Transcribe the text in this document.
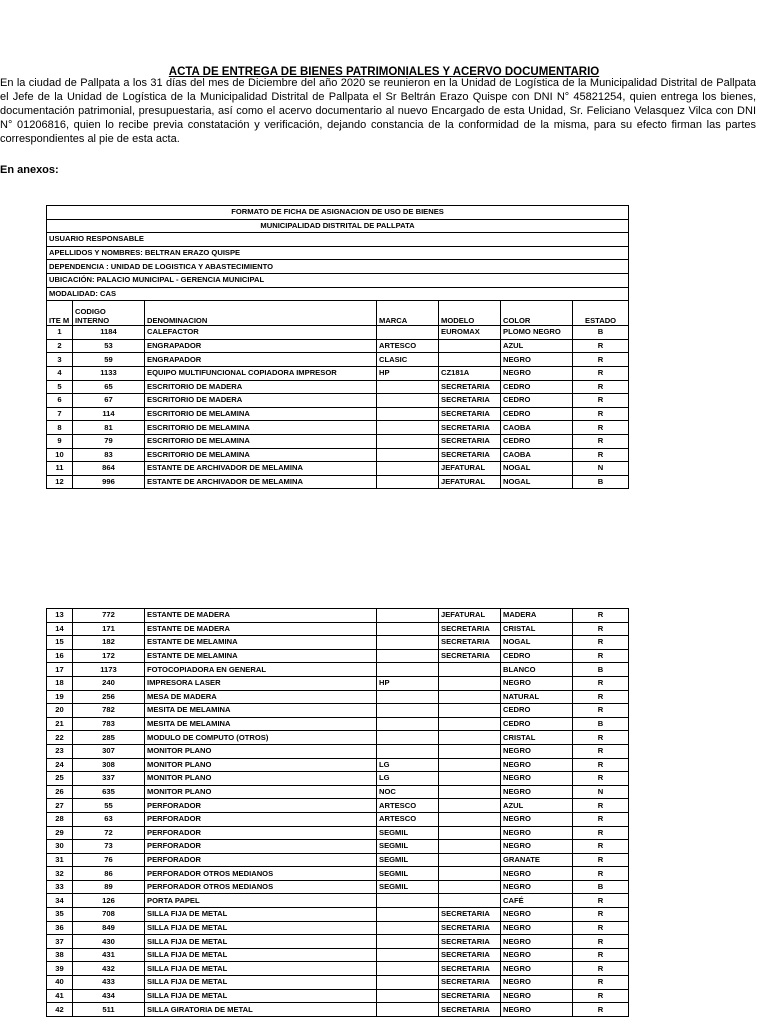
ACTA DE ENTREGA DE BIENES PATRIMONIALES Y ACERVO DOCUMENTARIO
En la ciudad de Pallpata a los 31 días del mes de Diciembre del año 2020 se reunieron en la Unidad de Logística de la Municipalidad Distrital de Pallpata el Jefe de la Unidad de Logística de la Municipalidad Distrital de Pallpata el Sr Beltrán Erazo Quispe con DNI N° 45821254, quien entrega los bienes, documentación patrimonial, presupuestaria, así como el acervo documentario al nuevo Encargado de esta Unidad, Sr. Feliciano Velasquez Vilca con DNI N° 01206816, quien lo recibe previa constatación y verificación, dejando constancia de la conformidad de la misma, para su efecto firman las partes correspondientes al pie de esta acta.
En anexos:
FORMATO DE FICHA DE ASIGNACION DE USO DE BIENES						
MUNICIPALIDAD DISTRITAL DE PALLPATA						
USUARIO RESPONSABLE						
APELLIDOS Y NOMBRES: BELTRAN ERAZO QUISPE						
DEPENDENCIA : UNIDAD DE LOGISTICA Y ABASTECIMIENTO						
UBICACIÓN: PALACIO MUNICIPAL - GERENCIA MUNICIPAL						
MODALIDAD: CAS						
ITE M	CODIGO INTERNO	DENOMINACION	MARCA	MODELO	COLOR	ESTADO
1	1184	CALEFACTOR		EUROMAX	PLOMO NEGRO	B
2	53	ENGRAPADOR	ARTESCO		AZUL	R
3	59	ENGRAPADOR	CLASIC		NEGRO	R
4	1133	EQUIPO MULTIFUNCIONAL COPIADORA IMPRESOR	HP	CZ181A	NEGRO	R
5	65	ESCRITORIO DE MADERA		SECRETARIA	CEDRO	R
6	67	ESCRITORIO DE MADERA		SECRETARIA	CEDRO	R
7	114	ESCRITORIO DE MELAMINA		SECRETARIA	CEDRO	R
8	81	ESCRITORIO DE MELAMINA		SECRETARIA	CAOBA	R
9	79	ESCRITORIO DE MELAMINA		SECRETARIA	CEDRO	R
10	83	ESCRITORIO DE MELAMINA		SECRETARIA	CAOBA	R
11	864	ESTANTE DE ARCHIVADOR DE MELAMINA		JEFATURAL	NOGAL	N
12	996	ESTANTE DE ARCHIVADOR DE MELAMINA		JEFATURAL	NOGAL	B
13	772	ESTANTE DE MADERA		JEFATURAL	MADERA	R
14	171	ESTANTE DE MADERA		SECRETARIA	CRISTAL	R
15	182	ESTANTE DE MELAMINA		SECRETARIA	NOGAL	R
16	172	ESTANTE DE MELAMINA		SECRETARIA	CEDRO	R
17	1173	FOTOCOPIADORA EN GENERAL			BLANCO	B
18	240	IMPRESORA LASER	HP		NEGRO	R
19	256	MESA DE MADERA			NATURAL	R
20	782	MESITA DE MELAMINA			CEDRO	R
21	783	MESITA DE MELAMINA			CEDRO	B
22	285	MODULO DE COMPUTO (OTROS)			CRISTAL	R
23	307	MONITOR PLANO			NEGRO	R
24	308	MONITOR PLANO	LG		NEGRO	R
25	337	MONITOR PLANO	LG		NEGRO	R
26	635	MONITOR PLANO	NOC		NEGRO	N
27	55	PERFORADOR	ARTESCO		AZUL	R
28	63	PERFORADOR	ARTESCO		NEGRO	R
29	72	PERFORADOR	SEGMIL		NEGRO	R
30	73	PERFORADOR	SEGMIL		NEGRO	R
31	76	PERFORADOR	SEGMIL		GRANATE	R
32	86	PERFORADOR OTROS MEDIANOS	SEGMIL		NEGRO	R
33	89	PERFORADOR OTROS MEDIANOS	SEGMIL		NEGRO	B
34	126	PORTA PAPEL			CAFÉ	R
35	708	SILLA FIJA DE METAL		SECRETARIA	NEGRO	R
36	849	SILLA FIJA DE METAL		SECRETARIA	NEGRO	R
37	430	SILLA FIJA DE METAL		SECRETARIA	NEGRO	R
38	431	SILLA FIJA DE METAL		SECRETARIA	NEGRO	R
39	432	SILLA FIJA DE METAL		SECRETARIA	NEGRO	R
40	433	SILLA FIJA DE METAL		SECRETARIA	NEGRO	R
41	434	SILLA FIJA DE METAL		SECRETARIA	NEGRO	R
42	511	SILLA GIRATORIA DE METAL		SECRETARIA	NEGRO	R
